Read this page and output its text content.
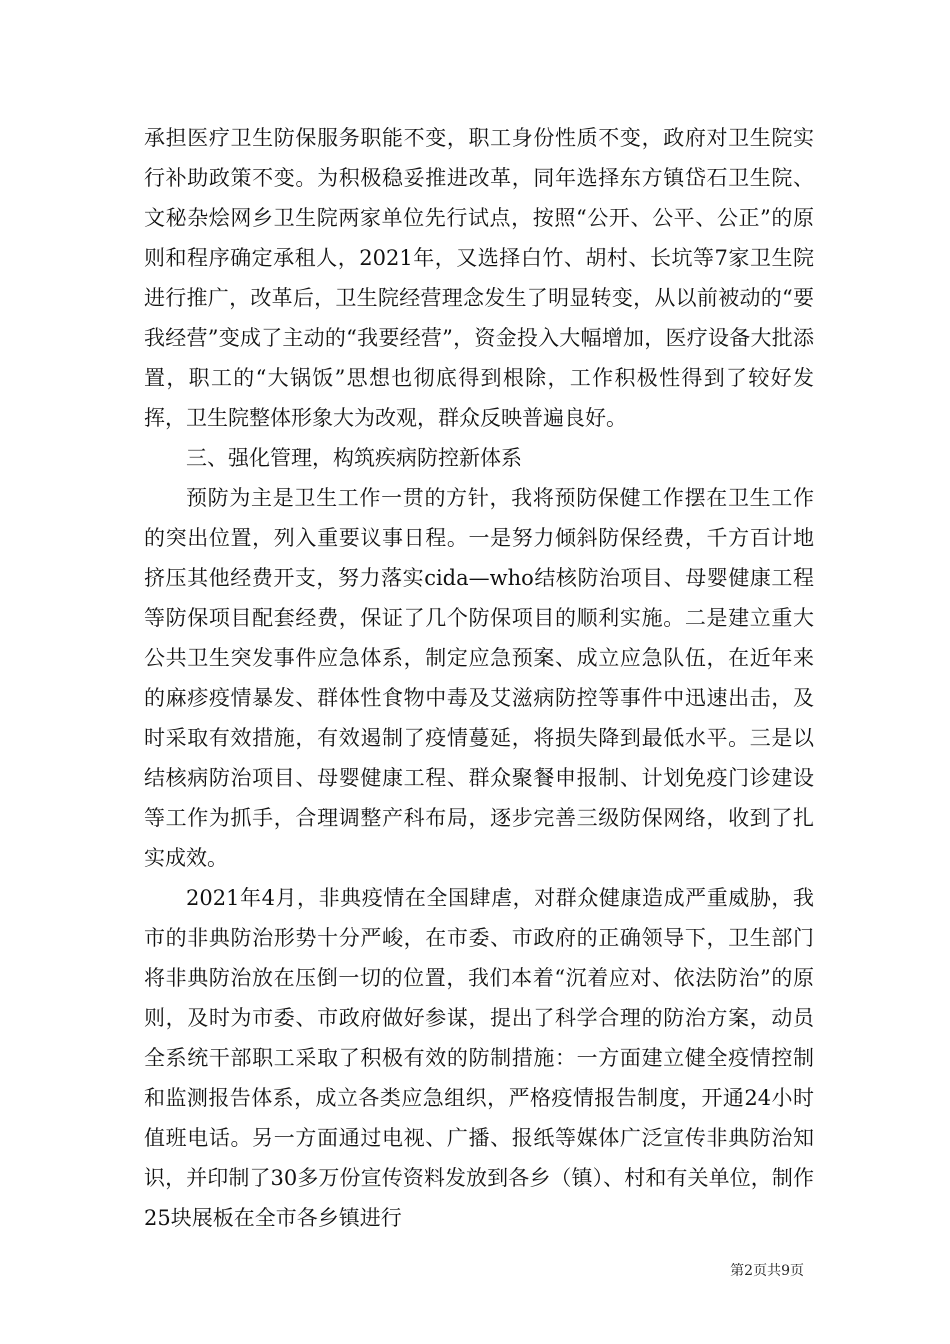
承担医疗卫生防保服务职能不变，职工身份性质不变，政府对卫生院实行补助政策不变。为积极稳妥推进改革，同年选择东方镇岱石卫生院、文秘杂烩网乡卫生院两家单位先行试点，按照“公开、公平、公正”的原则和程序确定承租人，2021年，又选择白竹、胡村、长坑等7家卫生院进行推广，改革后，卫生院经营理念发生了明显转变，从以前被动的“要我经营”变成了主动的“我要经营”，资金投入大幅增加，医疗设备大批添置，职工的“大锅饭”思想也彻底得到根除，工作积极性得到了较好发挥，卫生院整体形象大为改观，群众反映普遍良好。

三、强化管理，构筑疾病防控新体系

预防为主是卫生工作一贯的方针，我将预防保健工作摆在卫生工作的突出位置，列入重要议事日程。一是努力倾斜防保经费，千方百计地挤压其他经费开支，努力落实cida—who结核防治项目、母婴健康工程等防保项目配套经费，保证了几个防保项目的顺利实施。二是建立重大公共卫生突发事件应急体系，制定应急预案、成立应急队伍，在近年来的麻疹疫情暴发、群体性食物中毒及艾滋病防控等事件中迅速出击，及时采取有效措施，有效遏制了疫情蔓延，将损失降到最低水平。三是以结核病防治项目、母婴健康工程、群众聚餐申报制、计划免疫门诊建设等工作为抓手，合理调整产科布局，逐步完善三级防保网络，收到了扎实成效。

2021年4月，非典疫情在全国肆虐，对群众健康造成严重威胁，我市的非典防治形势十分严峻，在市委、市政府的正确领导下，卫生部门将非典防治放在压倒一切的位置，我们本着“沉着应对、依法防治”的原则，及时为市委、市政府做好参谋，提出了科学合理的防治方案，动员全系统干部职工采取了积极有效的防制措施：一方面建立健全疫情控制和监测报告体系，成立各类应急组织，严格疫情报告制度，开通24小时值班电话。另一方面通过电视、广播、报纸等媒体广泛宣传非典防治知识，并印制了30多万份宣传资料发放到各乡（镇）、村和有关单位，制作25块展板在全市各乡镇进行

第2页共9页
